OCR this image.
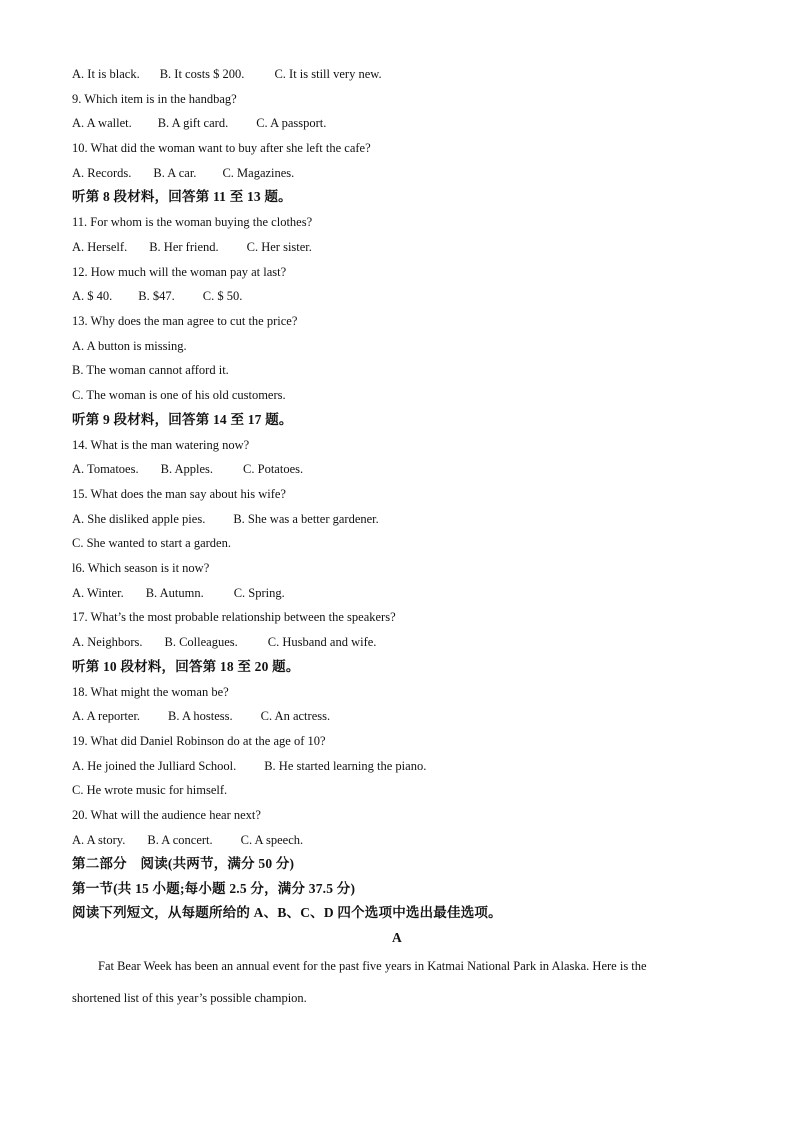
A. It is black. B. It costs $ 200. C. It is still very new.
9. Which item is in the handbag?
A. A wallet. B. A gift card. C. A passport.
10. What did the woman want to buy after she left the cafe?
A. Records. B. A car. C. Magazines.
听第 8 段材料，回答第 11 至 13 题。
11. For whom is the woman buying the clothes?
A. Herself. B. Her friend. C. Her sister.
12. How much will the woman pay at last?
A. $ 40. B. $47. C. $ 50.
13. Why does the man agree to cut the price?
A. A button is missing.
B. The woman cannot afford it.
C. The woman is one of his old customers.
听第 9 段材料，回答第 14 至 17 题。
14. What is the man watering now?
A. Tomatoes. B. Apples. C. Potatoes.
15. What does the man say about his wife?
A. She disliked apple pies. B. She was a better gardener.
C. She wanted to start a garden.
l6. Which season is it now?
A. Winter. B. Autumn. C. Spring.
17. What’s the most probable relationship between the speakers?
A. Neighbors. B. Colleagues. C. Husband and wife.
听第 10 段材料，回答第 18 至 20 题。
18. What might the woman be?
A. A reporter. B. A hostess. C. An actress.
19. What did Daniel Robinson do at the age of 10?
A. He joined the Julliard School. B. He started learning the piano.
C. He wrote music for himself.
20. What will the audience hear next?
A. A story. B. A concert. C. A speech.
第二部分　阅读(共两节，满分 50 分)
第一节(共 15 小题;每小题 2.5 分，满分 37.5 分)
阅读下列短文，从每题所给的 A、B、C、D 四个选项中选出最佳选项。
A
Fat Bear Week has been an annual event for the past five years in Katmai National Park in Alaska. Here is the
shortened list of this year’s possible champion.
